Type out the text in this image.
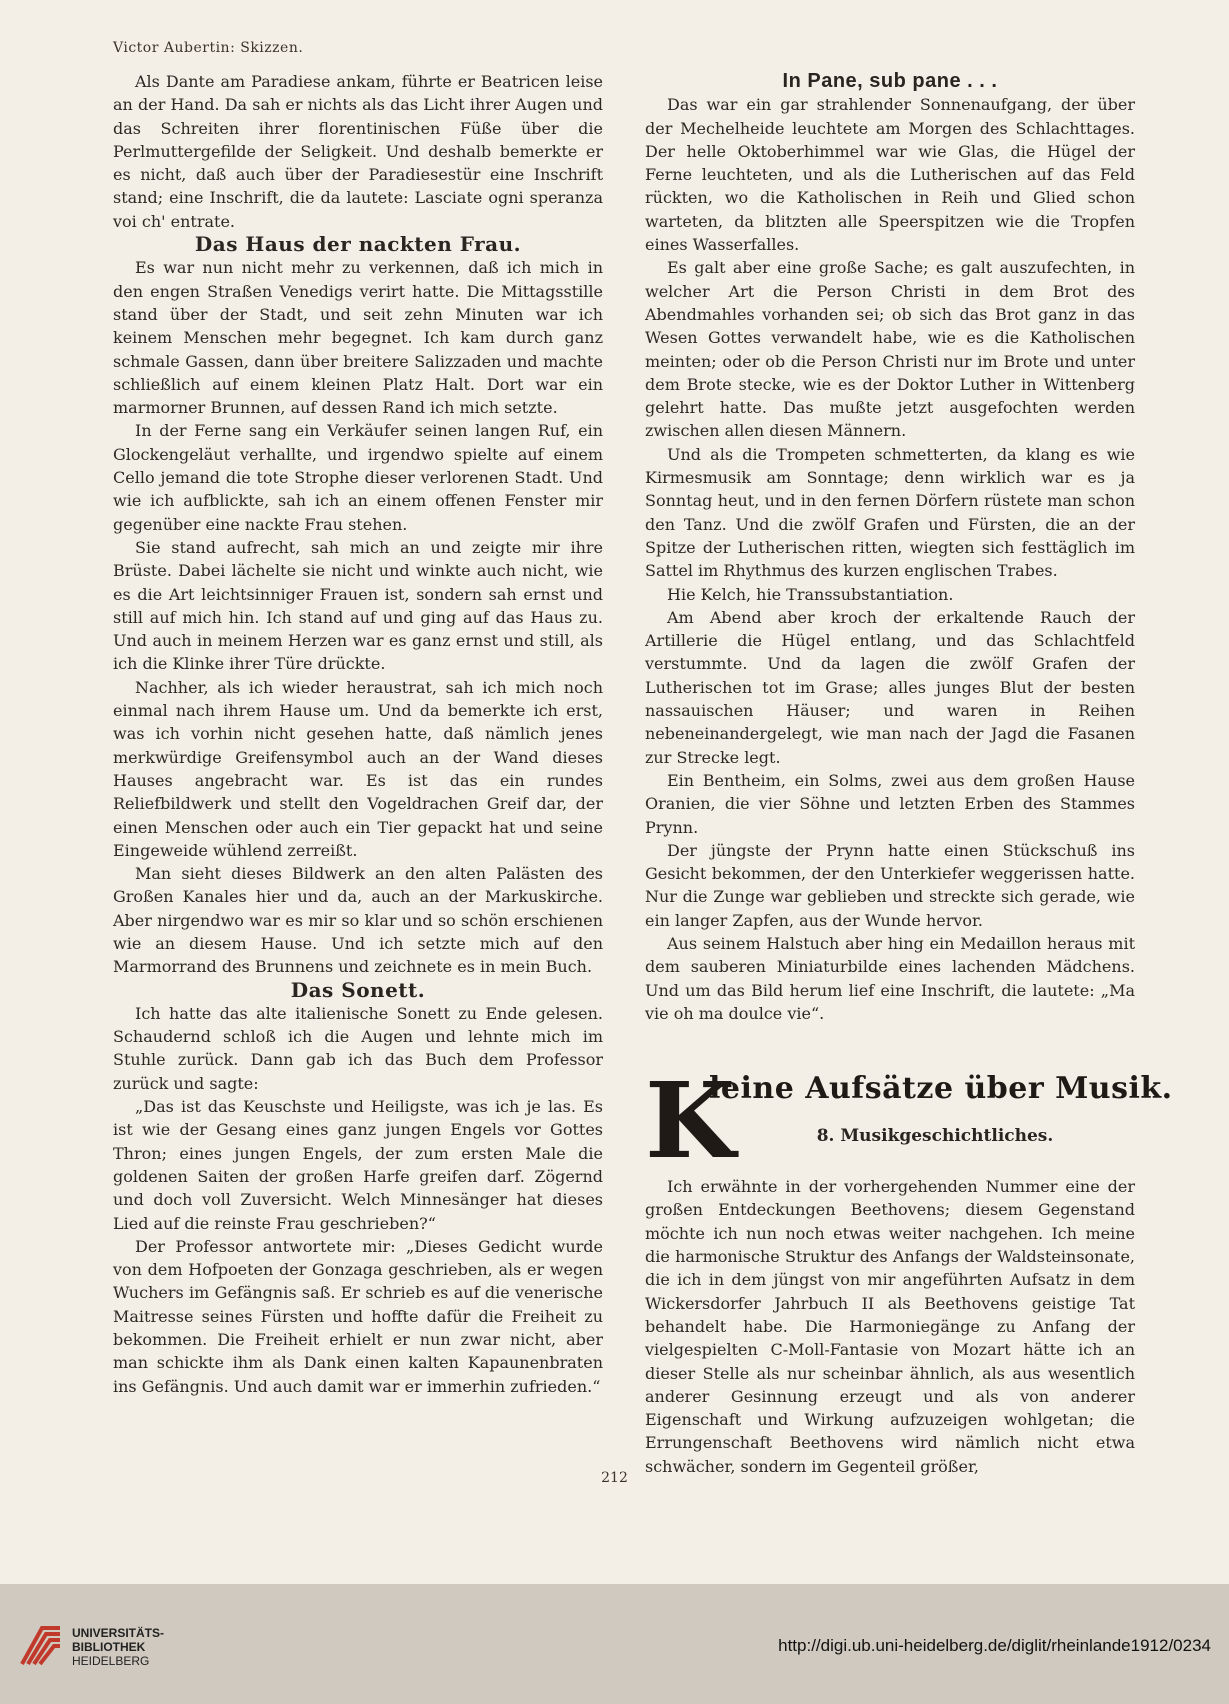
Victor Aubertin: Skizzen.

Als Dante am Paradiese ankam, führte er Beatricen leise an der Hand. Da sah er nichts als das Licht ihrer Augen und das Schreiten ihrer florentinischen Füße über die Perlmuttergefilde der Seligkeit. Und deshalb bemerkte er es nicht, daß auch über der Paradiesestür eine Inschrift stand; eine Inschrift, die da lautete: Lasciate ogni speranza voi ch' entrate.

Das Haus der nackten Frau.

Es war nun nicht mehr zu verkennen, daß ich mich in den engen Straßen Venedigs verirt hatte. Die Mittagsstille stand über der Stadt, und seit zehn Minuten war ich keinem Menschen mehr begegnet. Ich kam durch ganz schmale Gassen, dann über breitere Salizzaden und machte schließlich auf einem kleinen Platz Halt. Dort war ein marmorner Brunnen, auf dessen Rand ich mich setzte.

In der Ferne sang ein Verkäufer seinen langen Ruf, ein Glockengeläut verhallte, und irgendwo spielte auf einem Cello jemand die tote Strophe dieser verlorenen Stadt. Und wie ich aufblickte, sah ich an einem offenen Fenster mir gegenüber eine nackte Frau stehen.

Sie stand aufrecht, sah mich an und zeigte mir ihre Brüste. Dabei lächelte sie nicht und winkte auch nicht, wie es die Art leichtsinniger Frauen ist, sondern sah ernst und still auf mich hin. Ich stand auf und ging auf das Haus zu. Und auch in meinem Herzen war es ganz ernst und still, als ich die Klinke ihrer Türe drückte.

Nachher, als ich wieder heraustrat, sah ich mich noch einmal nach ihrem Hause um. Und da bemerkte ich erst, was ich vorhin nicht gesehen hatte, daß nämlich jenes merkwürdige Greifensymbol auch an der Wand dieses Hauses angebracht war. Es ist das ein rundes Reliefbildwerk und stellt den Vogeldrachen Greif dar, der einen Menschen oder auch ein Tier gepackt hat und seine Eingeweide wühlend zerreißt.

Man sieht dieses Bildwerk an den alten Palästen des Großen Kanales hier und da, auch an der Markuskirche. Aber nirgendwo war es mir so klar und so schön erschienen wie an diesem Hause. Und ich setzte mich auf den Marmorrand des Brunnens und zeichnete es in mein Buch.

Das Sonett.

Ich hatte das alte italienische Sonett zu Ende gelesen. Schaudernd schloß ich die Augen und lehnte mich im Stuhle zurück. Dann gab ich das Buch dem Professor zurück und sagte:

„Das ist das Keuschste und Heiligste, was ich je las. Es ist wie der Gesang eines ganz jungen Engels vor Gottes Thron; eines jungen Engels, der zum ersten Male die goldenen Saiten der großen Harfe greifen darf. Zögernd und doch voll Zuversicht. Welch Minnesänger hat dieses Lied auf die reinste Frau geschrieben?“

Der Professor antwortete mir: „Dieses Gedicht wurde von dem Hofpoeten der Gonzaga geschrieben, als er wegen Wuchers im Gefängnis saß. Er schrieb es auf die venerische Maitresse seines Fürsten und hoffte dafür die Freiheit zu bekommen. Die Freiheit erhielt er nun zwar nicht, aber man schickte ihm als Dank einen kalten Kapaunenbraten ins Gefängnis. Und auch damit war er immerhin zufrieden.“

In Pane, sub pane . . .

Das war ein gar strahlender Sonnenaufgang, der über der Mechelheide leuchtete am Morgen des Schlachttages. Der helle Oktoberhimmel war wie Glas, die Hügel der Ferne leuchteten, und als die Lutherischen auf das Feld rückten, wo die Katholischen in Reih und Glied schon warteten, da blitzten alle Speerspitzen wie die Tropfen eines Wasserfalles.

Es galt aber eine große Sache; es galt auszufechten, in welcher Art die Person Christi in dem Brot des Abendmahles vorhanden sei; ob sich das Brot ganz in das Wesen Gottes verwandelt habe, wie es die Katholischen meinten; oder ob die Person Christi nur im Brote und unter dem Brote stecke, wie es der Doktor Luther in Wittenberg gelehrt hatte. Das mußte jetzt ausgefochten werden zwischen allen diesen Männern.

Und als die Trompeten schmetterten, da klang es wie Kirmesmusik am Sonntage; denn wirklich war es ja Sonntag heut, und in den fernen Dörfern rüstete man schon den Tanz. Und die zwölf Grafen und Fürsten, die an der Spitze der Lutherischen ritten, wiegten sich festtäglich im Sattel im Rhythmus des kurzen englischen Trabes.

Hie Kelch, hie Transsubstantiation.

Am Abend aber kroch der erkaltende Rauch der Artillerie die Hügel entlang, und das Schlachtfeld verstummte. Und da lagen die zwölf Grafen der Lutherischen tot im Grase; alles junges Blut der besten nassauischen Häuser; und waren in Reihen nebeneinandergelegt, wie man nach der Jagd die Fasanen zur Strecke legt.

Ein Bentheim, ein Solms, zwei aus dem großen Hause Oranien, die vier Söhne und letzten Erben des Stammes Prynn.

Der jüngste der Prynn hatte einen Stückschuß ins Gesicht bekommen, der den Unterkiefer weggerissen hatte. Nur die Zunge war geblieben und streckte sich gerade, wie ein langer Zapfen, aus der Wunde hervor.

Aus seinem Halstuch aber hing ein Medaillon heraus mit dem sauberen Miniaturbilde eines lachenden Mädchens. Und um das Bild herum lief eine Inschrift, die lautete: „Ma vie oh ma doulce vie“.

K
leine Aufsätze über Musik.
8. Musikgeschichtliches.

Ich erwähnte in der vorhergehenden Nummer eine der großen Entdeckungen Beethovens; diesem Gegenstand möchte ich nun noch etwas weiter nachgehen. Ich meine die harmonische Struktur des Anfangs der Waldsteinsonate, die ich in dem jüngst von mir angeführten Aufsatz in dem Wickersdorfer Jahrbuch II als Beethovens geistige Tat behandelt habe. Die Harmoniegänge zu Anfang der vielgespielten C-Moll-Fantasie von Mozart hätte ich an dieser Stelle als nur scheinbar ähnlich, als aus wesentlich anderer Gesinnung erzeugt und als von anderer Eigenschaft und Wirkung aufzuzeigen wohlgetan; die Errungenschaft Beethovens wird nämlich nicht etwa schwächer, sondern im Gegenteil größer,

212
UNIVERSITÄTS-
BIBLIOTHEK
HEIDELBERG
http://digi.ub.uni-heidelberg.de/diglit/rheinlande1912/0234
